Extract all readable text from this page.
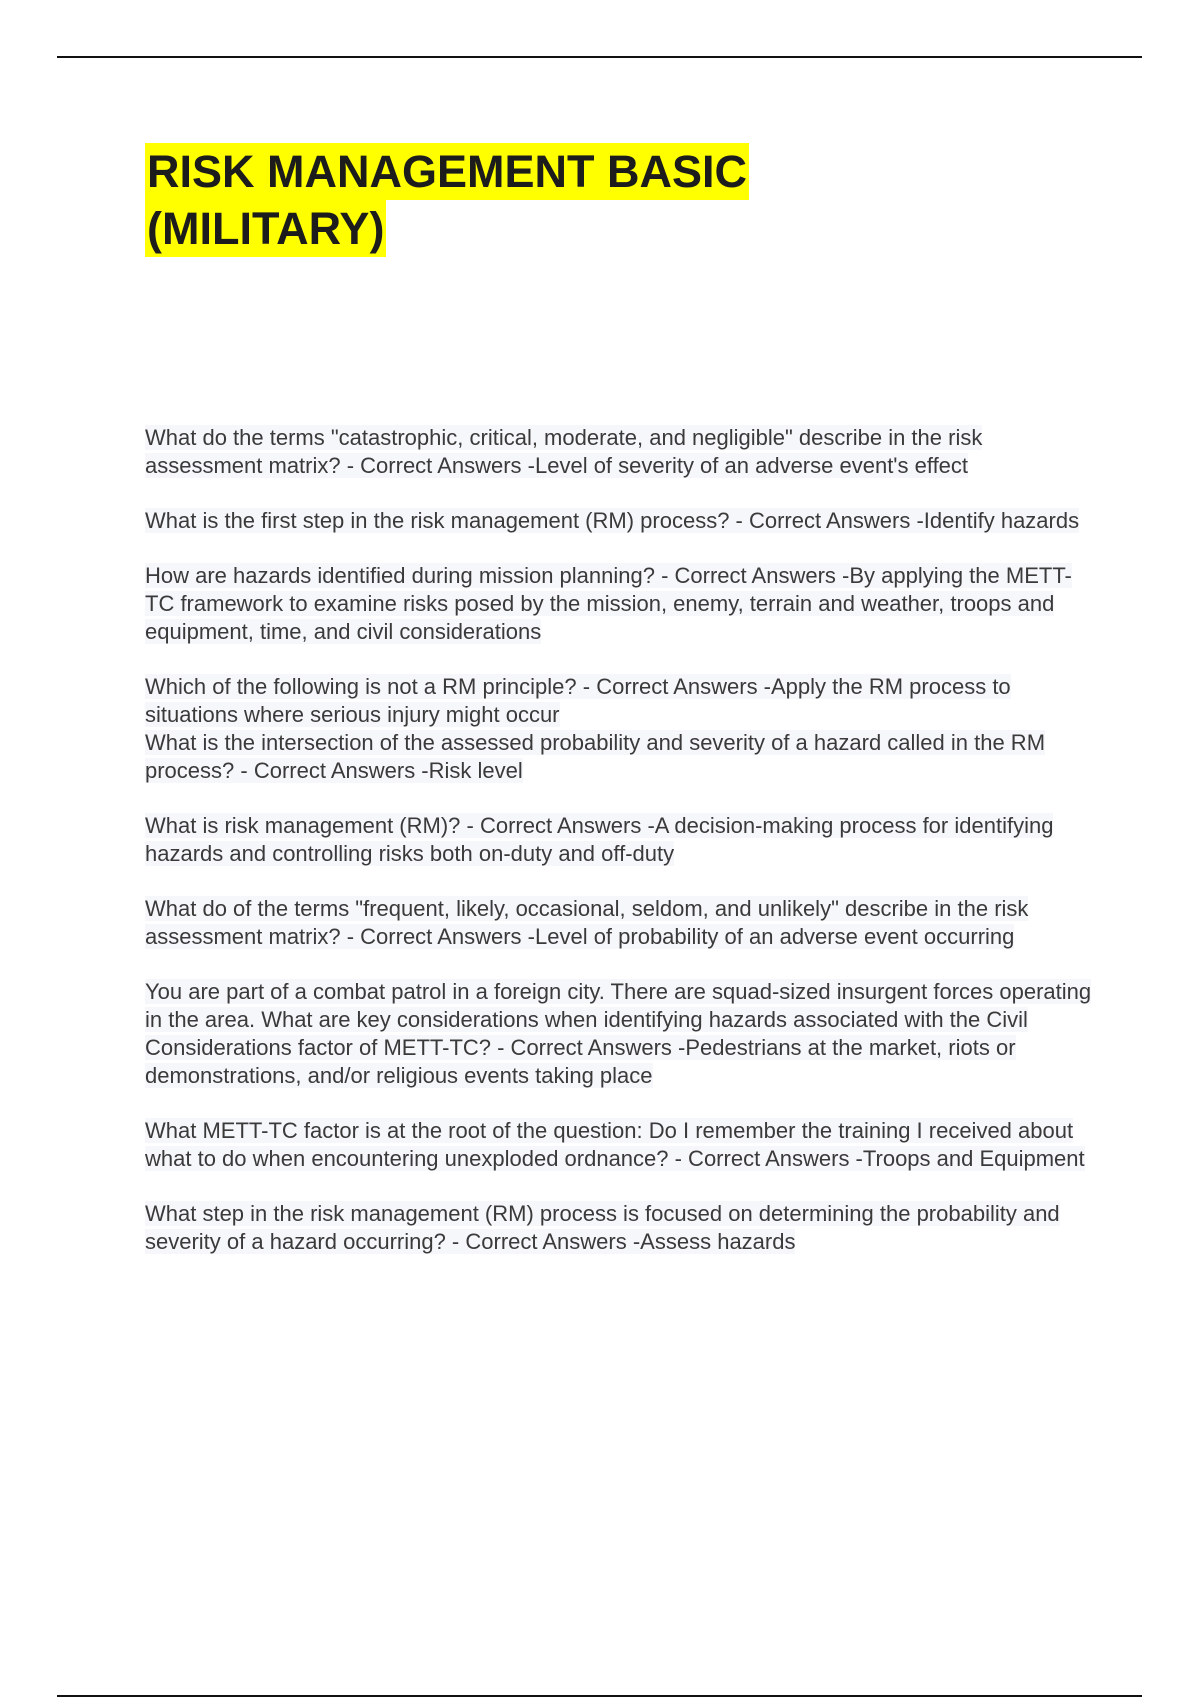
RISK MANAGEMENT BASIC
(MILITARY)

What do the terms "catastrophic, critical, moderate, and negligible" describe in the risk assessment matrix? - Correct Answers -Level of severity of an adverse event's effect

What is the first step in the risk management (RM) process? - Correct Answers -Identify hazards

How are hazards identified during mission planning? - Correct Answers -By applying the METT-TC framework to examine risks posed by the mission, enemy, terrain and weather, troops and equipment, time, and civil considerations

Which of the following is not a RM principle? - Correct Answers -Apply the RM process to situations where serious injury might occur

What is the intersection of the assessed probability and severity of a hazard called in the RM process? - Correct Answers -Risk level

What is risk management (RM)? - Correct Answers -A decision-making process for identifying hazards and controlling risks both on-duty and off-duty

What do of the terms "frequent, likely, occasional, seldom, and unlikely" describe in the risk assessment matrix? - Correct Answers -Level of probability of an adverse event occurring

You are part of a combat patrol in a foreign city. There are squad-sized insurgent forces operating in the area. What are key considerations when identifying hazards associated with the Civil Considerations factor of METT-TC? - Correct Answers -Pedestrians at the market, riots or demonstrations, and/or religious events taking place

What METT-TC factor is at the root of the question: Do I remember the training I received about what to do when encountering unexploded ordnance? - Correct Answers -Troops and Equipment

What step in the risk management (RM) process is focused on determining the probability and severity of a hazard occurring? - Correct Answers -Assess hazards
